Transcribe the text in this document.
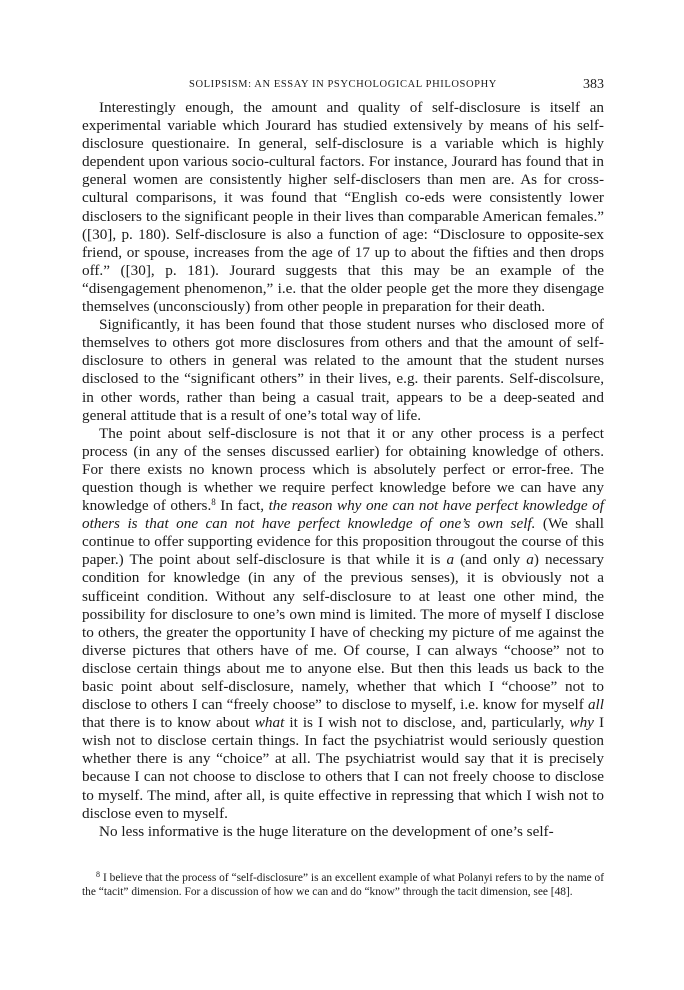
SOLIPSISM: AN ESSAY IN PSYCHOLOGICAL PHILOSOPHY	383

Interestingly enough, the amount and quality of self-disclosure is itself an experimental variable which Jourard has studied extensively by means of his self-disclosure questionaire. In general, self-disclosure is a variable which is highly dependent upon various socio-cultural factors. For instance, Jourard has found that in general women are consistently higher self-disclosers than men are. As for cross-cultural comparisons, it was found that “English co-eds were consistently lower disclosers to the significant people in their lives than comparable American females.” ([30], p. 180). Self-disclosure is also a function of age: “Disclosure to opposite-sex friend, or spouse, increases from the age of 17 up to about the fifties and then drops off.” ([30], p. 181). Jourard suggests that this may be an example of the “disengagement phenomenon,” i.e. that the older people get the more they disengage themselves (unconsciously) from other people in preparation for their death.

Significantly, it has been found that those student nurses who disclosed more of themselves to others got more disclosures from others and that the amount of self-disclosure to others in general was related to the amount that the student nurses disclosed to the “significant others” in their lives, e.g. their parents. Self-discolsure, in other words, rather than being a casual trait, appears to be a deep-seated and general attitude that is a result of one’s total way of life.

The point about self-disclosure is not that it or any other process is a perfect process (in any of the senses discussed earlier) for obtaining knowledge of others. For there exists no known process which is absolutely perfect or error-free. The question though is whether we require perfect knowledge before we can have any knowledge of others.$^8$ In fact, the reason why one can not have perfect knowledge of others is that one can not have perfect knowledge of one’s own self. (We shall continue to offer supporting evidence for this proposition througout the course of this paper.) The point about self-disclosure is that while it is a (and only a) necessary condition for knowledge (in any of the previous senses), it is obviously not a sufficeint condition. Without any self-disclosure to at least one other mind, the possibility for disclosure to one’s own mind is limited. The more of myself I disclose to others, the greater the opportunity I have of checking my picture of me against the diverse pictures that others have of me. Of course, I can always “choose” not to disclose certain things about me to anyone else. But then this leads us back to the basic point about self-disclosure, namely, whether that which I “choose” not to disclose to others I can “freely choose” to disclose to myself, i.e. know for myself all that there is to know about what it is I wish not to disclose, and, particularly, why I wish not to disclose certain things. In fact the psychiatrist would seriously question whether there is any “choice” at all. The psychiatrist would say that it is precisely because I can not choose to disclose to others that I can not freely choose to disclose to myself. The mind, after all, is quite effective in repressing that which I wish not to disclose even to myself.

No less informative is the huge literature on the development of one’s self-

$^8$ I believe that the process of “self-disclosure” is an excellent example of what Polanyi refers to by the name of the “tacit” dimension. For a discussion of how we can and do “know” through the tacit dimension, see [48].
